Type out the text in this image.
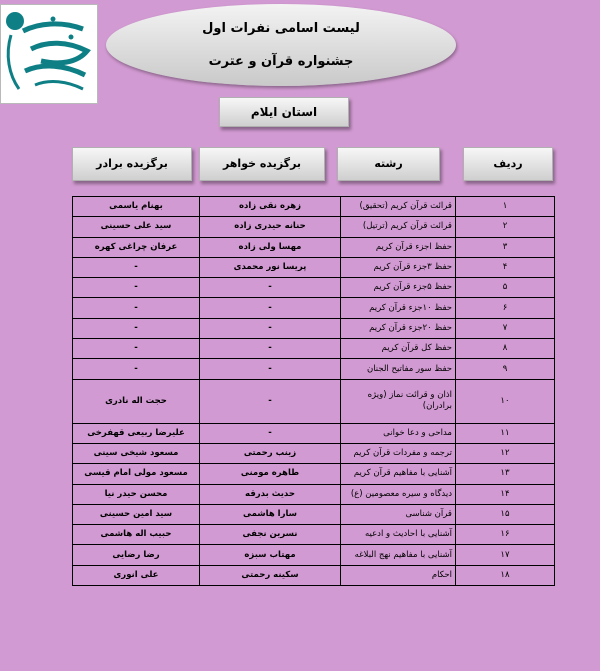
لیست اسامی نفرات اول
جشنواره قرآن و عترت
استان ایلام
ردیف
رشته
برگزیده خواهر
برگزیده برادر
بهنام یاسمی	زهره نقی زاده	قرائت قرآن کریم (تحقیق)	۱
سید علی حسینی	حنانه حیدری زاده	قرائت قرآن کریم (ترتیل)	۲
عرفان چراغی کهره	مهسا ولی زاده	حفظ اجزء قرآن کریم	۳
-	پریسا نور محمدی	حفظ ۳جزء قرآن کریم	۴
-	-	حفظ ۵جزء قرآن کریم	۵
-	-	حفظ ۱۰جزء قرآن کریم	۶
-	-	حفظ ۲۰جزء قرآن کریم	۷
-	-	حفظ کل قرآن کریم	۸
-	-	حفظ سور مفاتیح الجنان	۹
حجت اله نادری	-	اذان و قرائت نماز (ویژه برادران)	۱۰
علیرضا ربیعی قهفرخی	-	مداحی و دعا خوانی	۱۱
مسعود شیخی سینی	زینب رحمتی	ترجمه و مفردات قرآن کریم	۱۲
مسعود مولی امام قیسی	طاهره مومنی	آشنایی با مفاهیم قرآن کریم	۱۳
محسن حیدر نیا	حدیث بدرقه	دیدگاه و سیره معصومین (ع)	۱۴
سید امین حسینی	سارا هاشمی	قرآن شناسی	۱۵
حبیب اله هاشمی	نسرین نجفی	آشنایی با احادیث و ادعیه	۱۶
رضا رضایی	مهتاب سبزه	آشنایی با مفاهیم نهج البلاغه	۱۷
علی انوری	سکینه رحمتی	احکام	۱۸
